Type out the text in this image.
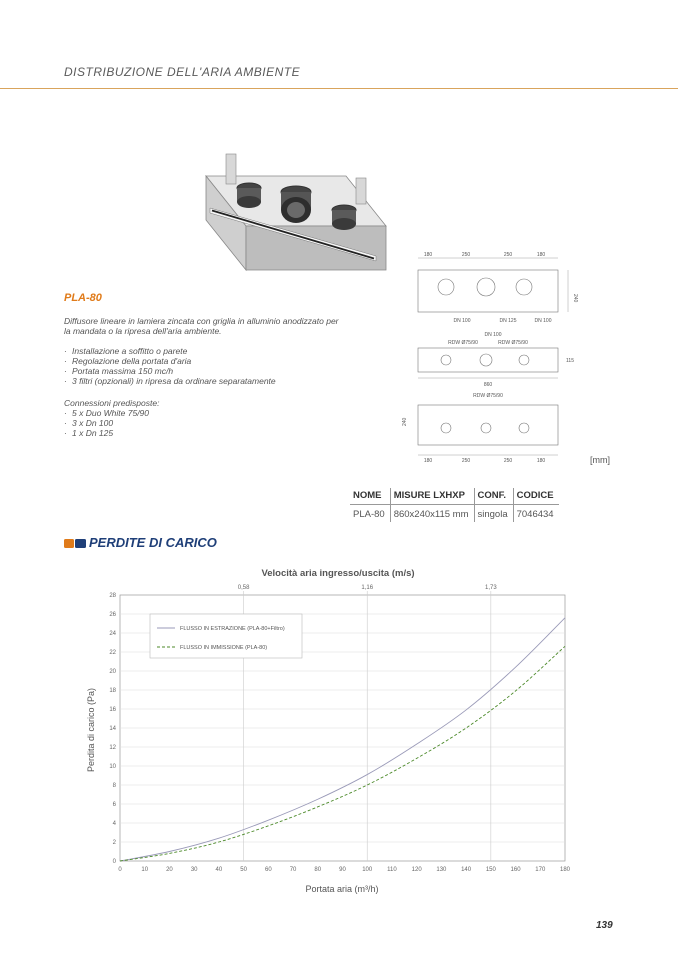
DISTRIBUZIONE DELL'ARIA AMBIENTE
PLA-80
Diffusore lineare in lamiera zincata con griglia in alluminio anodizzato per la mandata o la ripresa dell'aria ambiente.
· Installazione a soffitto o parete
· Regolazione della portata d'aria
· Portata massima 150 mc/h
· 3 filtri (opzionali) in ripresa da ordinare separatamente
Connessioni predisposte:
· 5 x Duo White 75/90
· 3 x Dn 100
· 1 x Dn 125
180	250	250	180
240
DN 100	DN 125	DN 100
DN 100
RDW Ø75/90	RDW Ø75/90
115
860
RDW Ø75/90
240
180	250	250	180	[mm]
NOME	MISURE LXHXP	CONF.	CODICE
PLA-80	860x240x115 mm	singola	7046434
PERDITE DI CARICO
0
2
4
6
8
10
12
14
16
18
20
22
24
26
28
0	10	20	30	40	50	60	70	80	90	100 110 120 130 140 150 160 170 180
0,58	1,16	1,73
Velocità aria ingresso/uscita (m/s)
Portata aria (m³/h)
Perdita di carico (Pa)
FLUSSO IN ESTRAZIONE (PLA-80+Filtro)
FLUSSO IN IMMISSIONE (PLA-80)
139
